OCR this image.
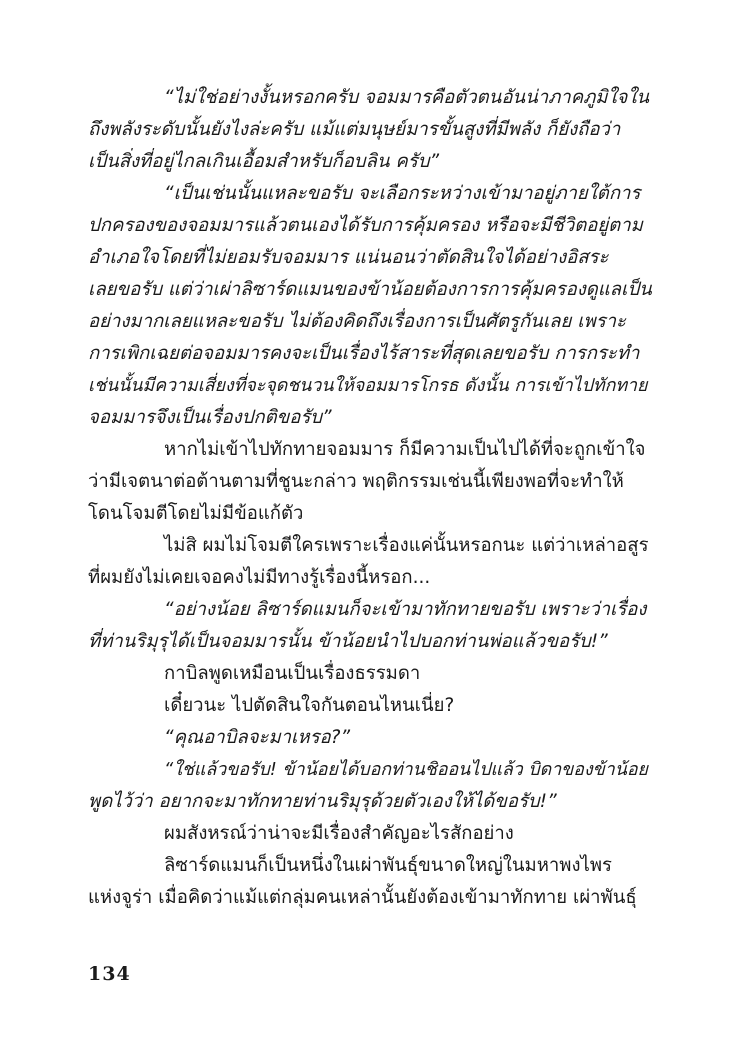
“ไม่ใช่อย่างงั้นหรอกครับ จอมมารคือตัวตนอันน่าภาคภูมิใจใน
ถึงพลังระดับนั้นยังไงล่ะครับ แม้แต่มนุษย์มารขั้นสูงที่มีพลัง ก็ยังถือว่า
เป็นสิ่งที่อยู่ไกลเกินเอื้อมสำหรับก็อบลิน ครับ”
“เป็นเช่นนั้นแหละขอรับ จะเลือกระหว่างเข้ามาอยู่ภายใต้การ
ปกครองของจอมมารแล้วตนเองได้รับการคุ้มครอง หรือจะมีชีวิตอยู่ตาม
อำเภอใจโดยที่ไม่ยอมรับจอมมาร แน่นอนว่าตัดสินใจได้อย่างอิสระ
เลยขอรับ แต่ว่าเผ่าลิซาร์ดแมนของข้าน้อยต้องการการคุ้มครองดูแลเป็น
อย่างมากเลยแหละขอรับ ไม่ต้องคิดถึงเรื่องการเป็นศัตรูกันเลย เพราะ
การเพิกเฉยต่อจอมมารคงจะเป็นเรื่องไร้สาระที่สุดเลยขอรับ การกระทำ
เช่นนั้นมีความเสี่ยงที่จะจุดชนวนให้จอมมารโกรธ ดังนั้น การเข้าไปทักทาย
จอมมารจึงเป็นเรื่องปกติขอรับ”
หากไม่เข้าไปทักทายจอมมาร ก็มีความเป็นไปได้ที่จะถูกเข้าใจ
ว่ามีเจตนาต่อต้านตามที่ชูนะกล่าว พฤติกรรมเช่นนี้เพียงพอที่จะทำให้
โดนโจมตีโดยไม่มีข้อแก้ตัว
ไม่สิ ผมไม่โจมตีใครเพราะเรื่องแค่นั้นหรอกนะ แต่ว่าเหล่าอสูร
ที่ผมยังไม่เคยเจอคงไม่มีทางรู้เรื่องนี้หรอก...
“อย่างน้อย ลิซาร์ดแมนก็จะเข้ามาทักทายขอรับ เพราะว่าเรื่อง
ที่ท่านริมุรุได้เป็นจอมมารนั้น ข้าน้อยนำไปบอกท่านพ่อแล้วขอรับ!”
กาบิลพูดเหมือนเป็นเรื่องธรรมดา
เดี๋ยวนะ ไปตัดสินใจกันตอนไหนเนี่ย?
“คุณอาบิลจะมาเหรอ?”
“ใช่แล้วขอรับ! ข้าน้อยได้บอกท่านชิออนไปแล้ว บิดาของข้าน้อย
พูดไว้ว่า อยากจะมาทักทายท่านริมุรุด้วยตัวเองให้ได้ขอรับ!”
ผมสังหรณ์ว่าน่าจะมีเรื่องสำคัญอะไรสักอย่าง
ลิซาร์ดแมนก็เป็นหนึ่งในเผ่าพันธุ์ขนาดใหญ่ในมหาพงไพร
แห่งจูร่า เมื่อคิดว่าแม้แต่กลุ่มคนเหล่านั้นยังต้องเข้ามาทักทาย เผ่าพันธุ์
134
